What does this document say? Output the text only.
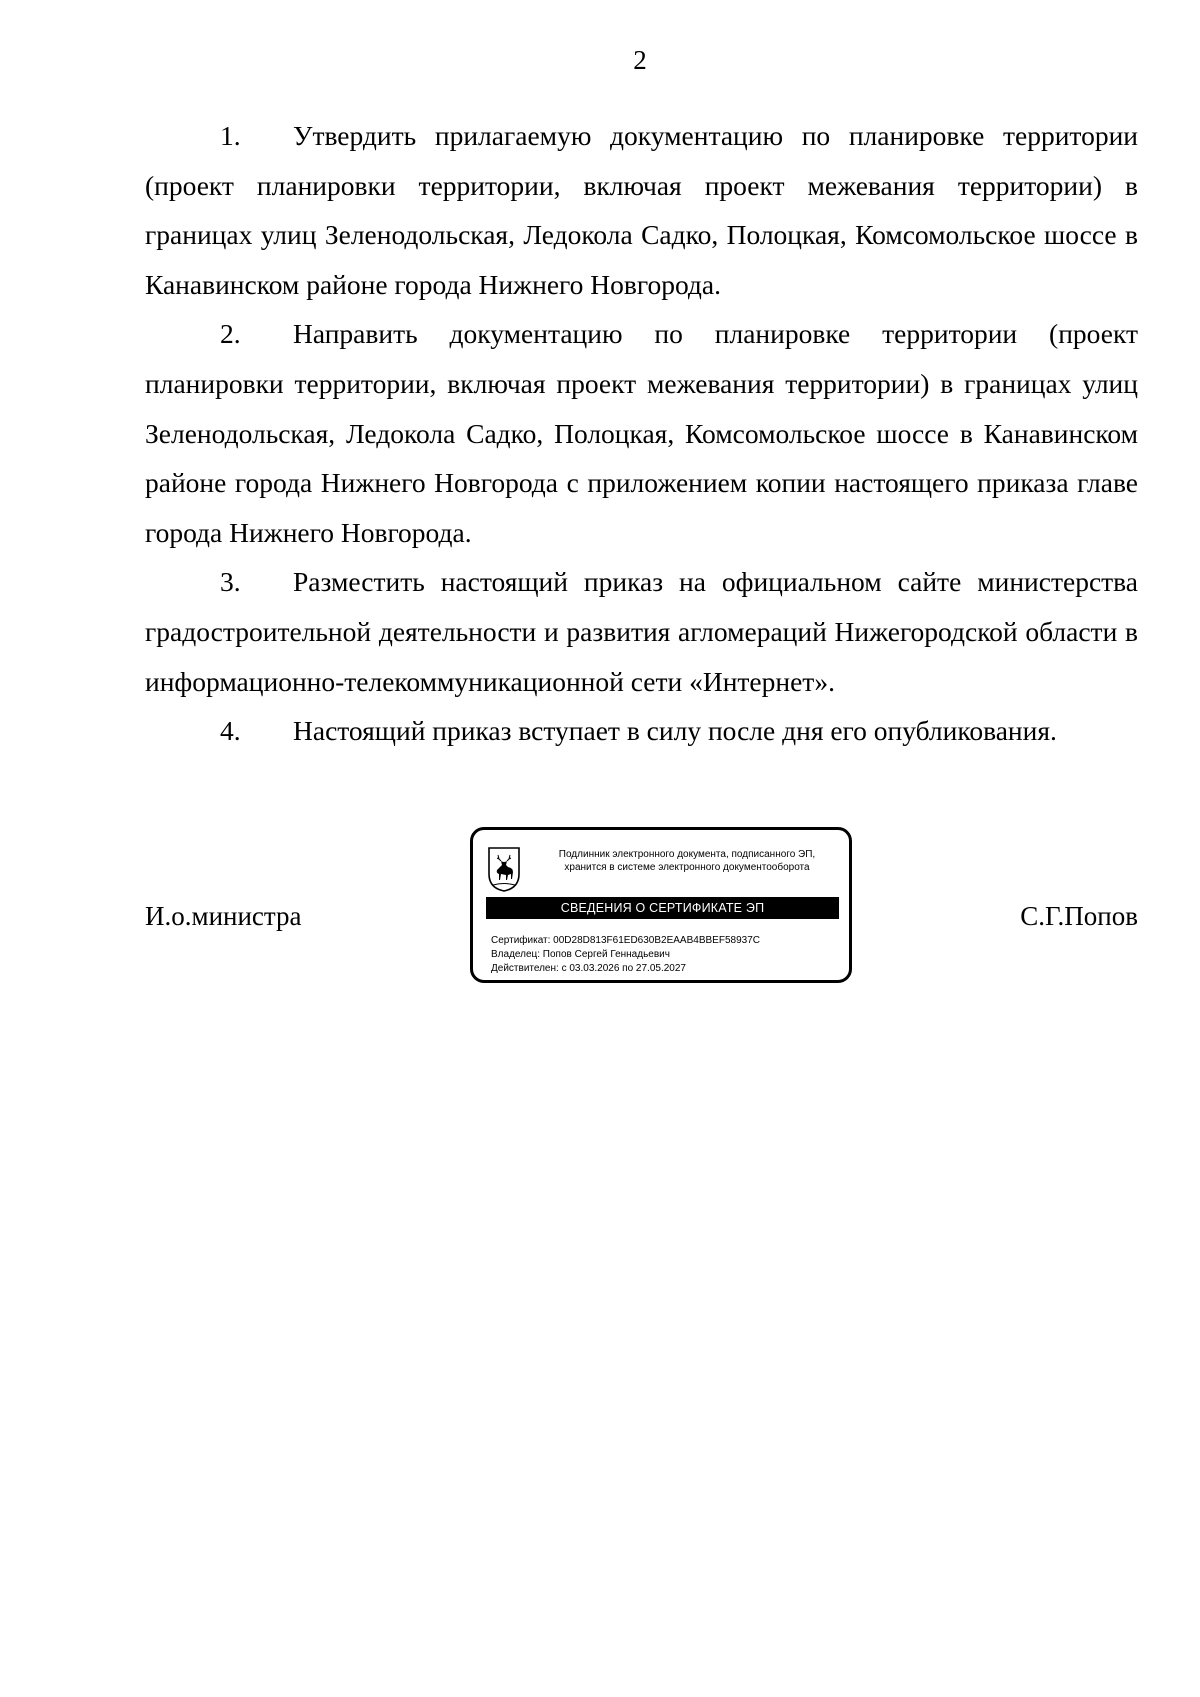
2

1. Утвердить прилагаемую документацию по планировке территории (проект планировки территории, включая проект межевания территории) в границах улиц Зеленодольская, Ледокола Садко, Полоцкая, Комсомольское шоссе в Канавинском районе города Нижнего Новгорода.

2. Направить документацию по планировке территории (проект планировки территории, включая проект межевания территории) в границах улиц Зеленодольская, Ледокола Садко, Полоцкая, Комсомольское шоссе в Канавинском районе города Нижнего Новгорода с приложением копии настоящего приказа главе города Нижнего Новгорода.

3. Разместить настоящий приказ на официальном сайте министерства градостроительной деятельности и развития агломераций Нижегородской области в информационно-телекоммуникационной сети «Интернет».

4. Настоящий приказ вступает в силу после дня его опубликования.

И.о.министра
Подлинник электронного документа, подписанного ЭП,
хранится в системе электронного документооборота
СВЕДЕНИЯ О СЕРТИФИКАТЕ ЭП
Сертификат: 00D28D813F61ED630B2EAAB4BBEF58937C
Владелец: Попов Сергей Геннадьевич
Действителен: с 03.03.2026 по 27.05.2027
С.Г.Попов
